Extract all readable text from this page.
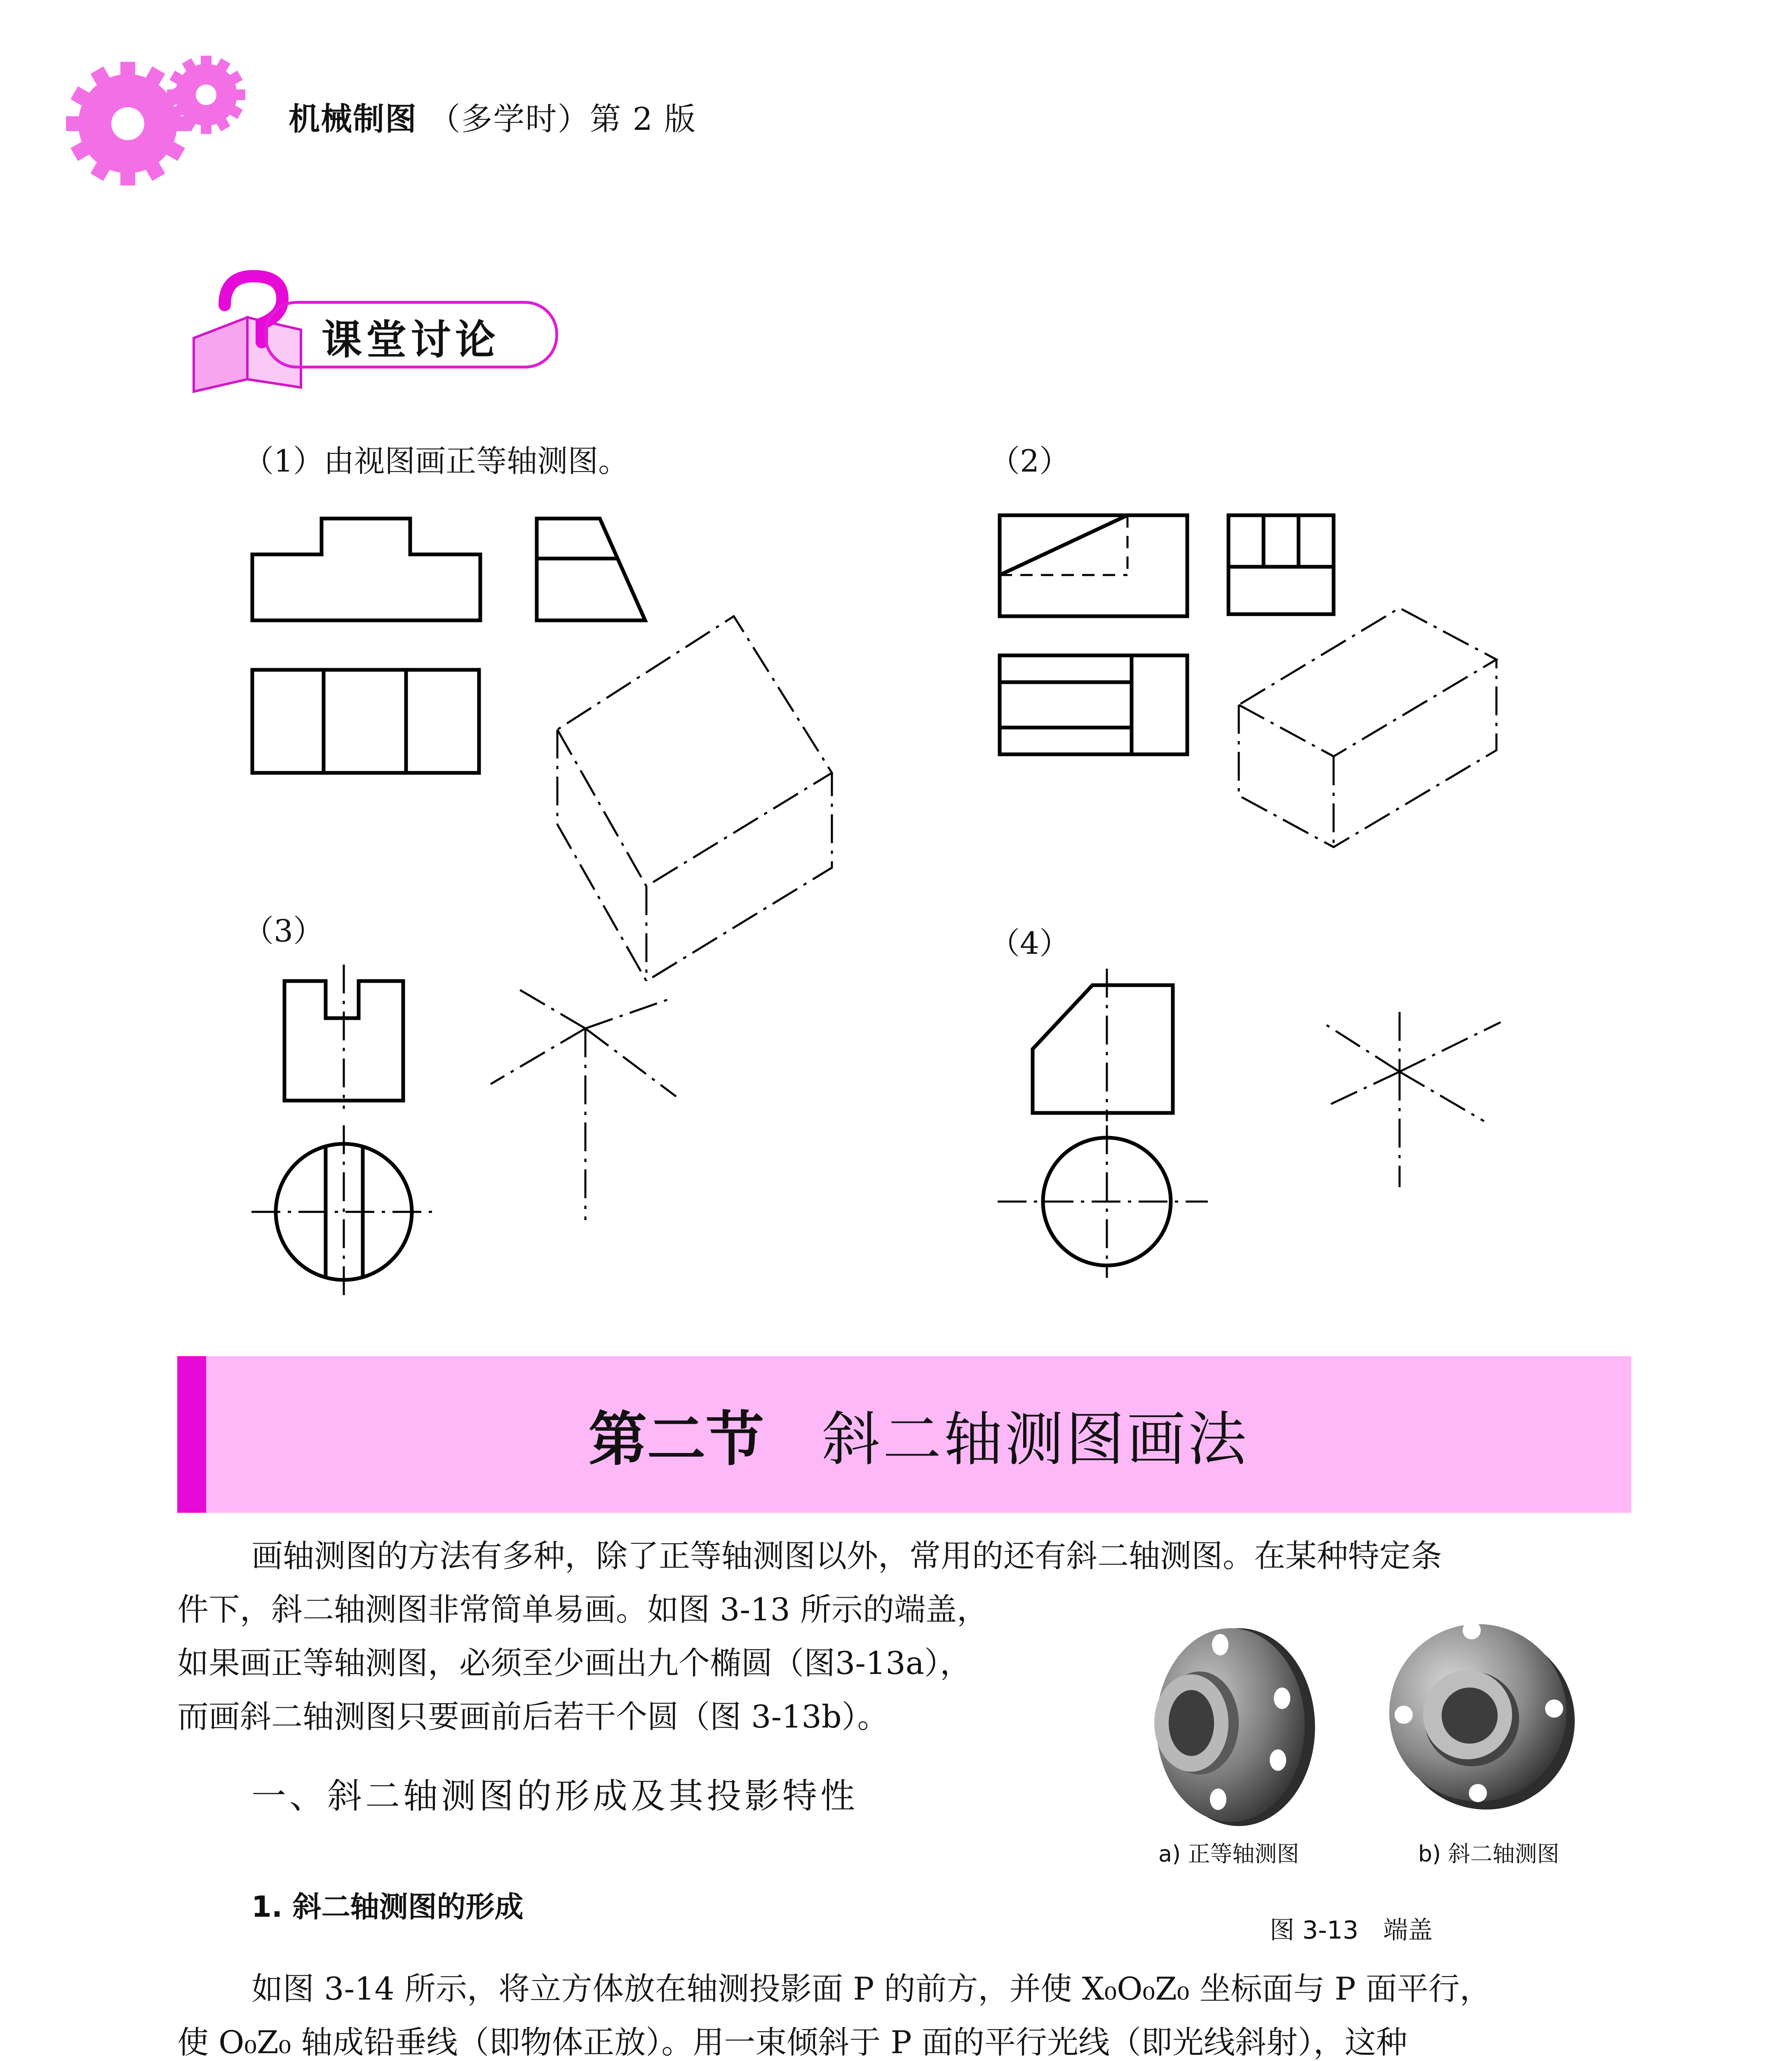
机械制图 （多学时）第 2 版
课堂讨论
（1）由视图画正等轴测图。	（2）
（3）	（4）
第二节 斜二轴测图画法
画轴测图的方法有多种，除了正等轴测图以外，常用的还有斜二轴测图。在某种特定条
件下，斜二轴测图非常简单易画。如图 3-13 所示的端盖，
如果画正等轴测图，必须至少画出九个椭圆（图3-13a），
而画斜二轴测图只要画前后若干个圆（图 3-13b）。
a) 正等轴测图	b) 斜二轴测图
图 3-13　端盖
一、斜二轴测图的形成及其投影特性
1. 斜二轴测图的形成
如图 3-14 所示，将立方体放在轴测投影面 P 的前方，并使 X₀O₀Z₀ 坐标面与 P 面平行，
使 O₀Z₀ 轴成铅垂线（即物体正放）。用一束倾斜于 P 面的平行光线（即光线斜射），这种
